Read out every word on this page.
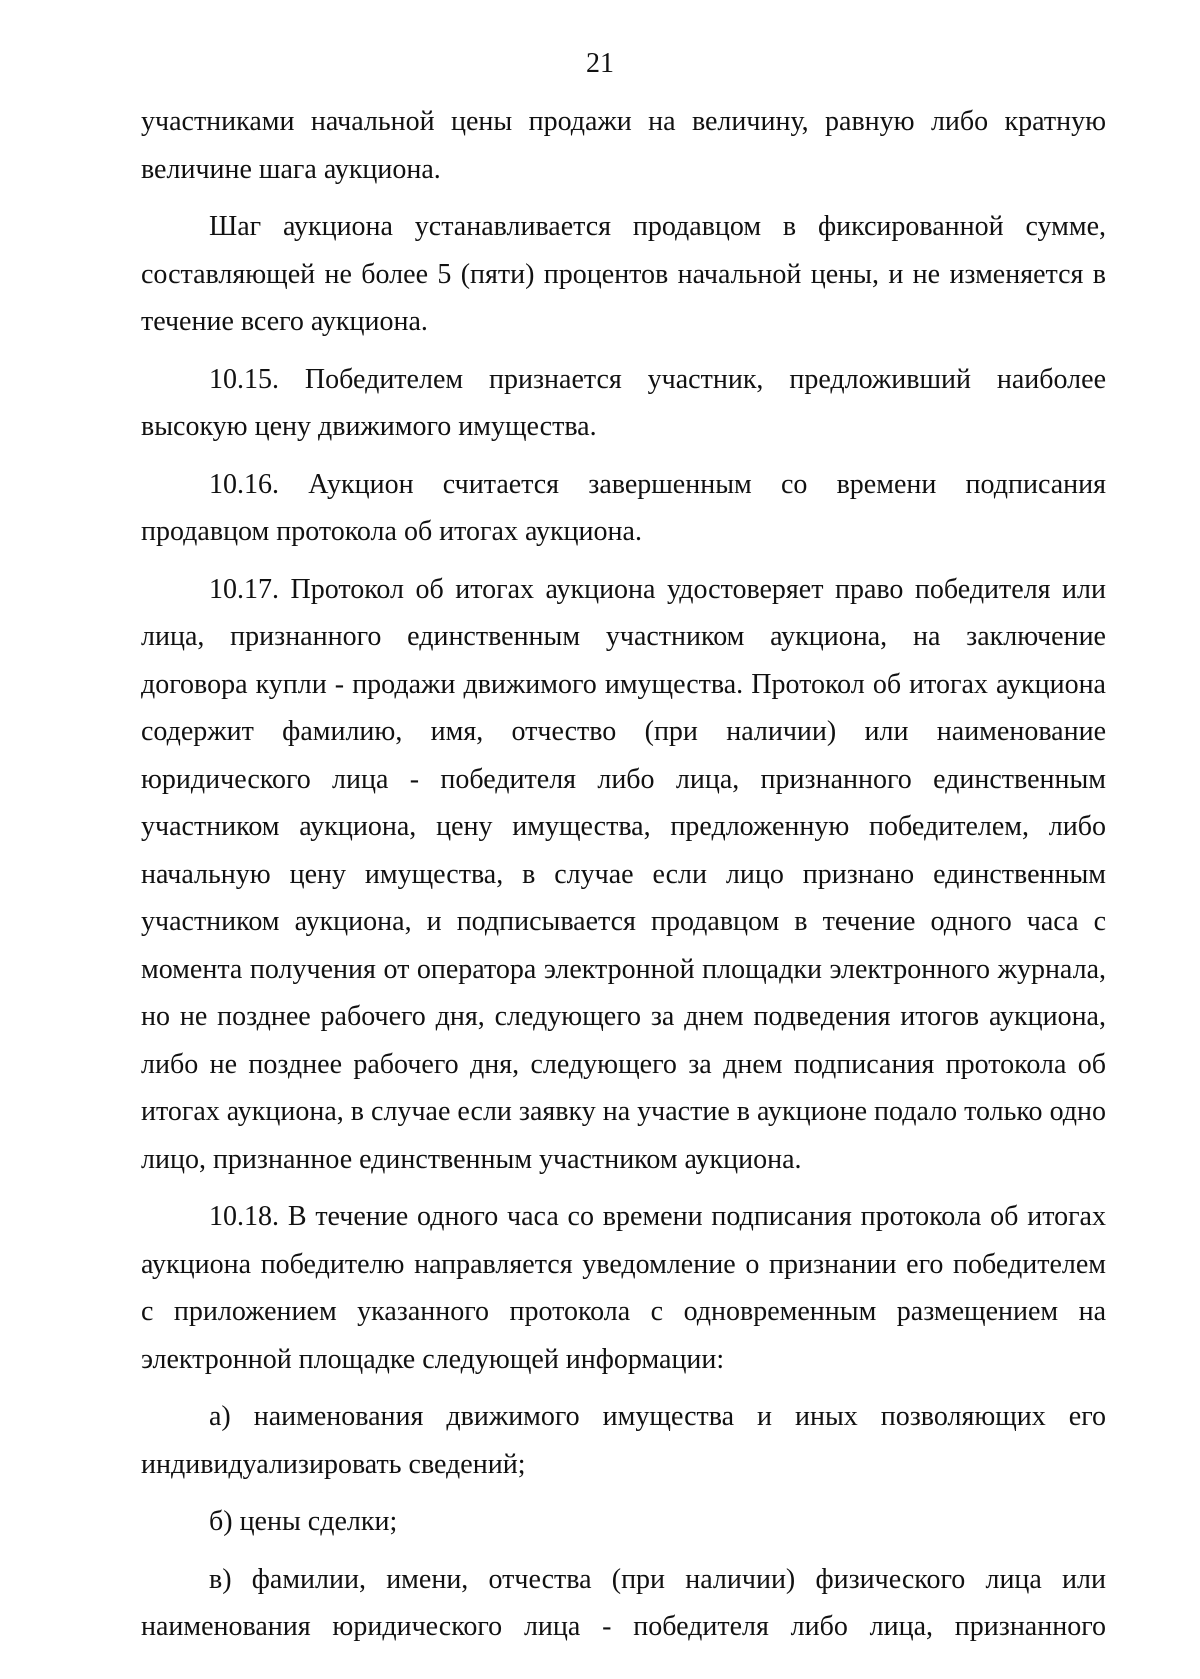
21

участниками начальной цены продажи на величину, равную либо кратную величине шага аукциона.

Шаг аукциона устанавливается продавцом в фиксированной сумме, составляющей не более 5 (пяти) процентов начальной цены, и не изменяется в течение всего аукциона.

10.15. Победителем признается участник, предложивший наиболее высокую цену движимого имущества.

10.16. Аукцион считается завершенным со времени подписания продавцом протокола об итогах аукциона.

10.17. Протокол об итогах аукциона удостоверяет право победителя или лица, признанного единственным участником аукциона, на заключение договора купли - продажи движимого имущества. Протокол об итогах аукциона содержит фамилию, имя, отчество (при наличии) или наименование юридического лица - победителя либо лица, признанного единственным участником аукциона, цену имущества, предложенную победителем, либо начальную цену имущества, в случае если лицо признано единственным участником аукциона, и подписывается продавцом в течение одного часа с момента получения от оператора электронной площадки электронного журнала, но не позднее рабочего дня, следующего за днем подведения итогов аукциона, либо не позднее рабочего дня, следующего за днем подписания протокола об итогах аукциона, в случае если заявку на участие в аукционе подало только одно лицо, признанное единственным участником аукциона.

10.18. В течение одного часа со времени подписания протокола об итогах аукциона победителю направляется уведомление о признании его победителем с приложением указанного протокола с одновременным размещением на электронной площадке следующей информации:

а) наименования движимого имущества и иных позволяющих его индивидуализировать сведений;

б) цены сделки;

в) фамилии, имени, отчества (при наличии) физического лица или наименования юридического лица - победителя либо лица, признанного
